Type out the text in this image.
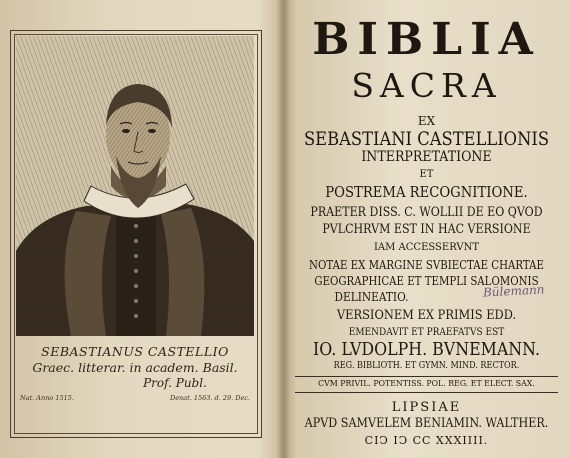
SEBASTIANUS CASTELLIO
Graec. litterar. in academ. Basil.
Prof. Publ.
Nat. Anno 1515.	Denat. 1563. d. 29. Dec.
BIBLIA
SACRA
EX
SEBASTIANI CASTELLIONIS
INTERPRETATIONE
ET
POSTREMA RECOGNITIONE.
PRAETER DISS. C. WOLLII DE EO QVOD
PVLCHRVM EST IN HAC VERSIONE
IAM ACCESSERVNT
NOTAE EX MARGINE SVBIECTAE CHARTAE
GEOGRAPHICAE ET TEMPLI SALOMONIS
DELINEATIO.	Bülemann
VERSIONEM EX PRIMIS EDD.
EMENDAVIT ET PRAEFATVS EST
IO. LVDOLPH. BVNEMANN.
REG. BIBLIOTH. ET GYMN. MIND. RECTOR.
CVM PRIVIL. POTENTISS. POL. REG. ET ELECT. SAX.
LIPSIAE
APVD SAMVELEM BENIAMIN. WALTHER.
CIↃ IↃ CC XXXIIII.
